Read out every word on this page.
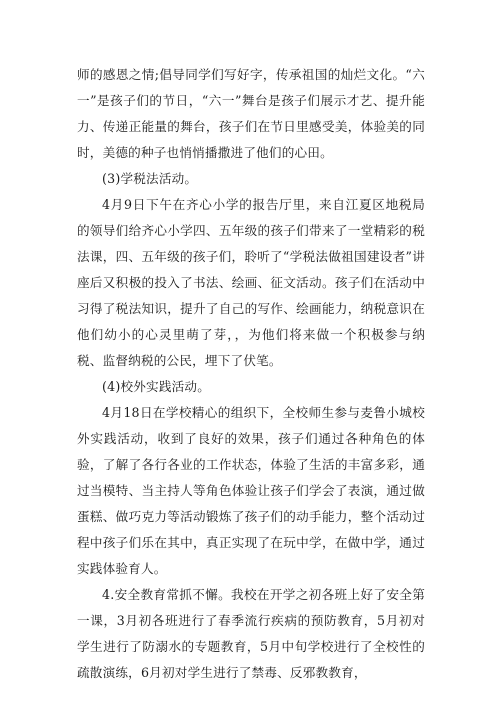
师的感恩之情;倡导同学们写好字，传承祖国的灿烂文化。“六一”是孩子们的节日，“六一”舞台是孩子们展示才艺、提升能力、传递正能量的舞台，孩子们在节日里感受美，体验美的同时，美德的种子也悄悄播撒进了他们的心田。

(3)学税法活动。

4月9日下午在齐心小学的报告厅里，来自江夏区地税局的领导们给齐心小学四、五年级的孩子们带来了一堂精彩的税法课，四、五年级的孩子们，聆听了“学税法做祖国建设者”讲座后又积极的投入了书法、绘画、征文活动。孩子们在活动中习得了税法知识，提升了自己的写作、绘画能力，纳税意识在他们幼小的心灵里萌了芽，，为他们将来做一个积极参与纳税、监督纳税的公民，埋下了伏笔。

(4)校外实践活动。

4月18日在学校精心的组织下，全校师生参与麦鲁小城校外实践活动，收到了良好的效果，孩子们通过各种角色的体验，了解了各行各业的工作状态，体验了生活的丰富多彩，通过当模特、当主持人等角色体验让孩子们学会了表演，通过做蛋糕、做巧克力等活动锻炼了孩子们的动手能力，整个活动过程中孩子们乐在其中，真正实现了在玩中学，在做中学，通过实践体验育人。

4.安全教育常抓不懈。我校在开学之初各班上好了安全第一课，3月初各班进行了春季流行疾病的预防教育，5月初对学生进行了防溺水的专题教育，5月中旬学校进行了全校性的疏散演练，6月初对学生进行了禁毒、反邪教教育，
